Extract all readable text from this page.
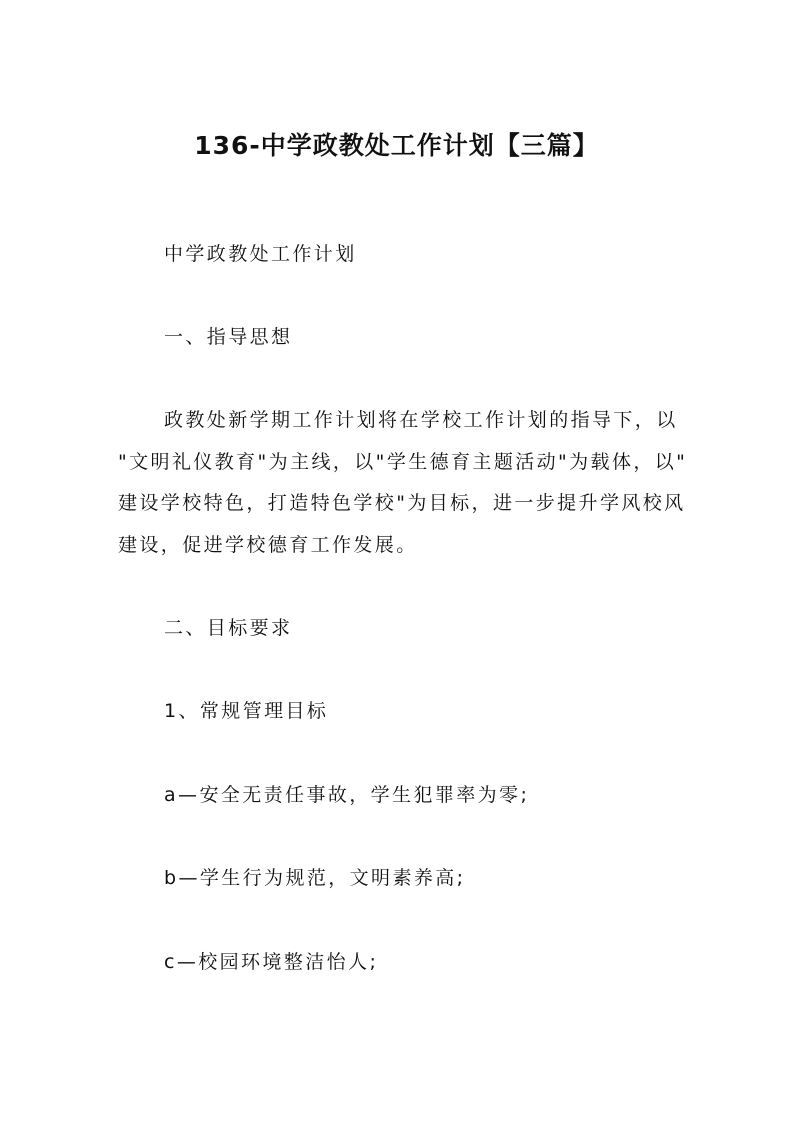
136-中学政教处工作计划【三篇】
中学政教处工作计划
一、指导思想
政教处新学期工作计划将在学校工作计划的指导下，以
"文明礼仪教育"为主线，以"学生德育主题活动"为载体，以"
建设学校特色，打造特色学校"为目标，进一步提升学风校风
建设，促进学校德育工作发展。
二、目标要求
1、常规管理目标
a—安全无责任事故，学生犯罪率为零;
b—学生行为规范，文明素养高;
c—校园环境整洁怡人;
